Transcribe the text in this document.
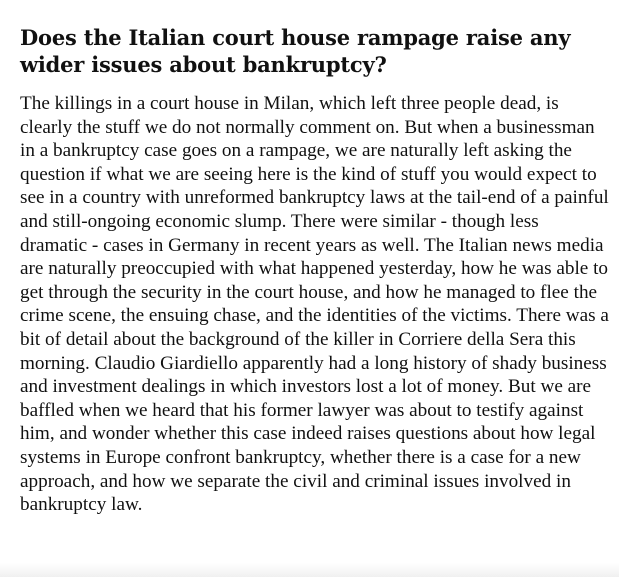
Does the Italian court house rampage raise any wider issues about bankruptcy?

The killings in a court house in Milan, which left three people dead, is clearly the stuff we do not normally comment on. But when a businessman in a bankruptcy case goes on a rampage, we are naturally left asking the question if what we are seeing here is the kind of stuff you would expect to see in a country with unreformed bankruptcy laws at the tail-end of a painful and still-ongoing economic slump. There were similar - though less dramatic - cases in Germany in recent years as well. The Italian news media are naturally preoccupied with what happened yesterday, how he was able to get through the security in the court house, and how he managed to flee the crime scene, the ensuing chase, and the identities of the victims. There was a bit of detail about the background of the killer in Corriere della Sera this morning. Claudio Giardiello apparently had a long history of shady business and investment dealings in which investors lost a lot of money. But we are baffled when we heard that his former lawyer was about to testify against him, and wonder whether this case indeed raises questions about how legal systems in Europe confront bankruptcy, whether there is a case for a new approach, and how we separate the civil and criminal issues involved in bankruptcy law.
